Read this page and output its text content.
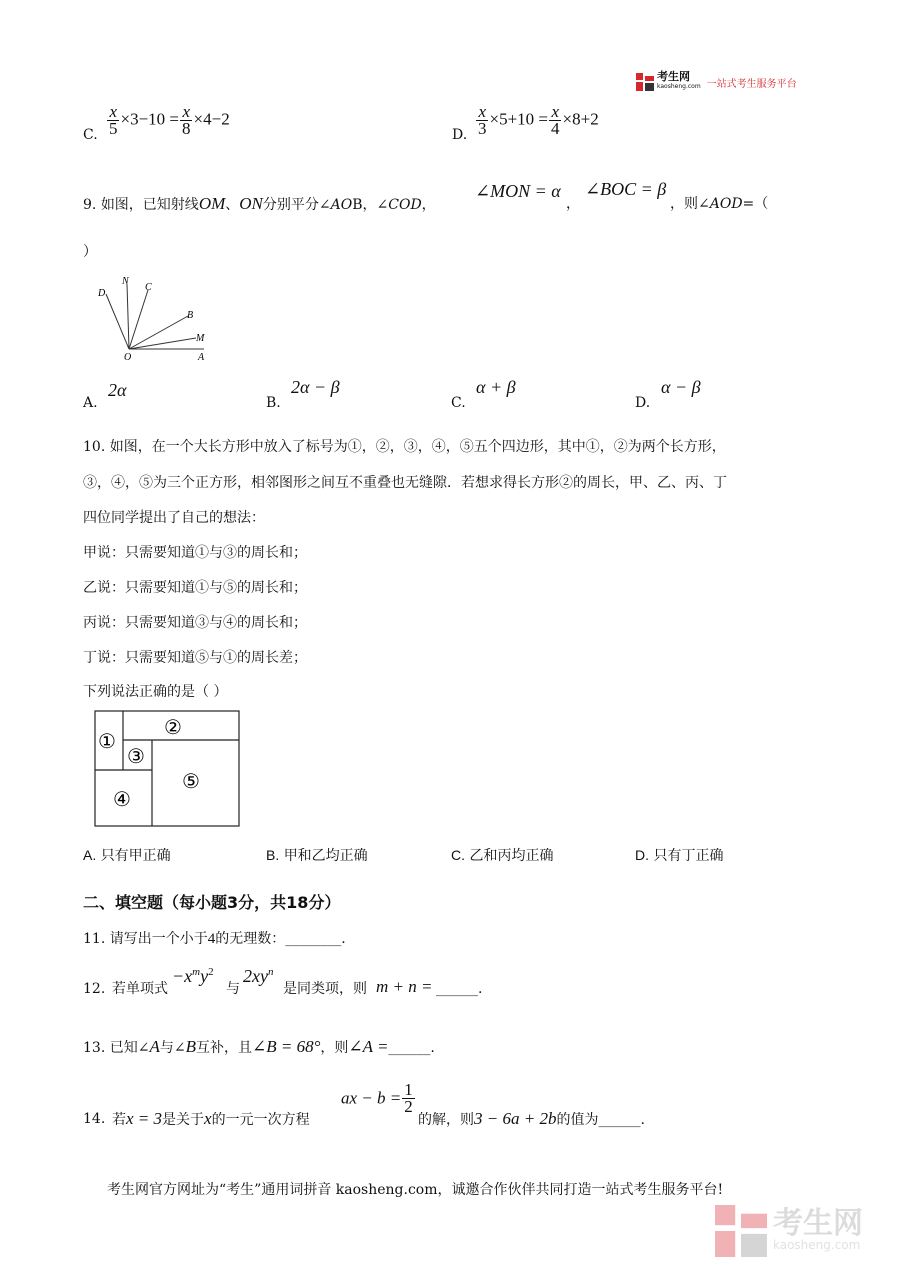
考生网
kaosheng.com 一站式考生服务平台
C. $\frac{x}{5} \times 3-10 = \frac{x}{8} \times 4-2$
D. $\frac{x}{3} \times 5+10 = \frac{x}{4} \times 8+2$
9. 如图，已知射线OM、ON分别平分∠AOB，∠COD，
∠MON = α
，
∠BOC = β
，则∠AOD=（
）
D
N
C
B
M
O	A
A.
2α
B.
2α − β
C.
α + β
D.
α − β
10. 如图，在一个大长方形中放入了标号为①，②，③，④，⑤五个四边形，其中①，②为两个长方形，
③，④，⑤为三个正方形，相邻图形之间互不重叠也无缝隙．若想求得长方形②的周长，甲、乙、丙、丁
四位同学提出了自己的想法：
甲说：只需要知道①与③的周长和；
乙说：只需要知道①与⑤的周长和；
丙说：只需要知道③与④的周长和；
丁说：只需要知道⑤与①的周长差；
下列说法正确的是（ ）
①
②
③
④
⑤
A. 只有甲正确	B. 甲和乙均正确	C. 乙和丙均正确	D. 只有丁正确
二、填空题（每小题3分，共18分）
11. 请写出一个小于4的无理数：________.
12. 若单项式
$-x^my^2$
与
$2xy^n$
是同类项，则 m + n = ______.
13. 已知∠A与∠B互补，且∠B = 68°，则∠A =______.
14. 若x = 3是关于x的一元一次方程
ax − $b = \frac{1}{2}$
的解，则3 − 6a + 2b的值为______.
考生网官方网址为“考生”通用词拼音 kaosheng.com，诚邀合作伙伴共同打造一站式考生服务平台!
考生网
kaosheng.com
